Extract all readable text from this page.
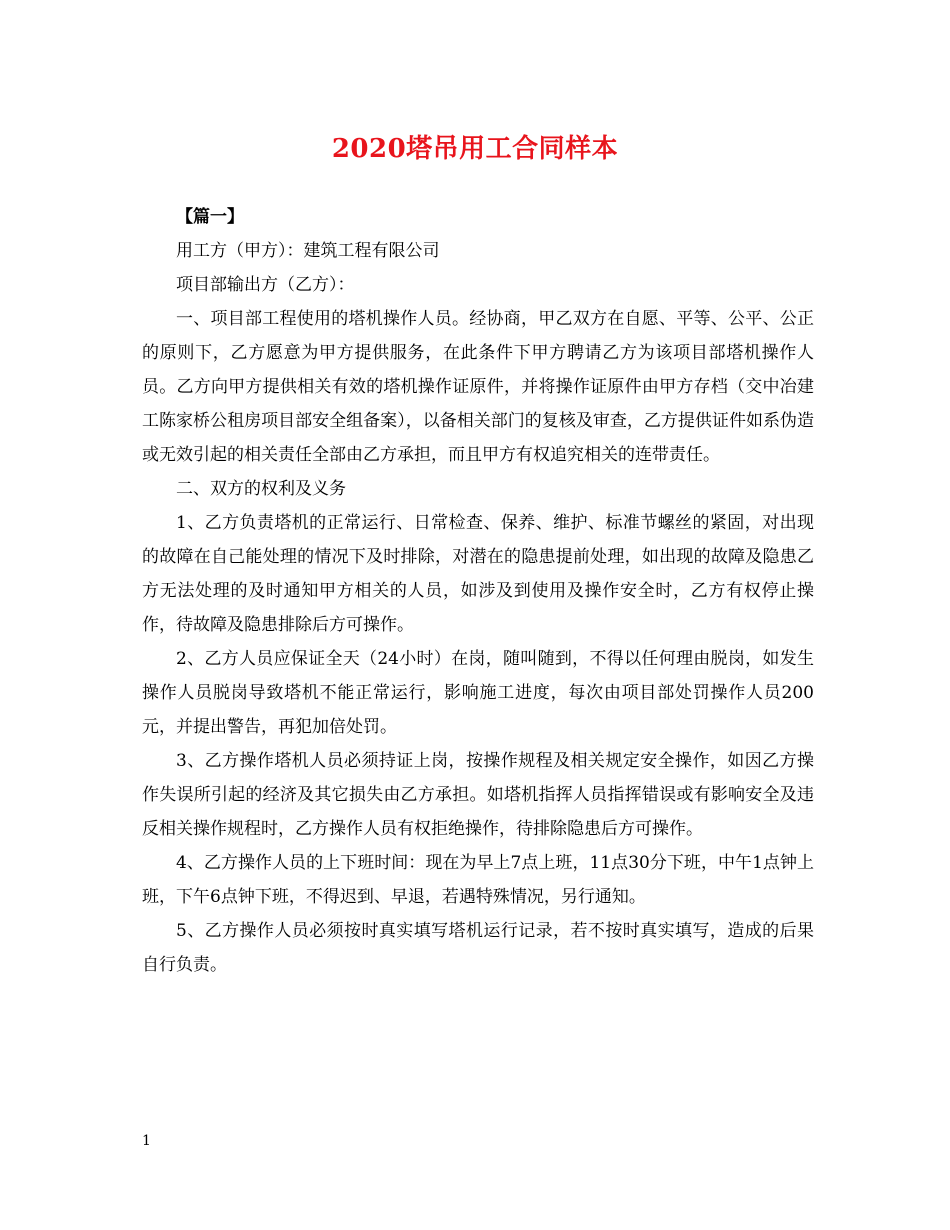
2020塔吊用工合同样本

【篇一】

用工方（甲方）：建筑工程有限公司

项目部输出方（乙方）：

一、项目部工程使用的塔机操作人员。经协商，甲乙双方在自愿、平等、公平、公正的原则下，乙方愿意为甲方提供服务，在此条件下甲方聘请乙方为该项目部塔机操作人员。乙方向甲方提供相关有效的塔机操作证原件，并将操作证原件由甲方存档（交中冶建工陈家桥公租房项目部安全组备案），以备相关部门的复核及审查，乙方提供证件如系伪造或无效引起的相关责任全部由乙方承担，而且甲方有权追究相关的连带责任。

二、双方的权利及义务

1、乙方负责塔机的正常运行、日常检查、保养、维护、标准节螺丝的紧固，对出现的故障在自己能处理的情况下及时排除，对潜在的隐患提前处理，如出现的故障及隐患乙方无法处理的及时通知甲方相关的人员，如涉及到使用及操作安全时，乙方有权停止操作，待故障及隐患排除后方可操作。

2、乙方人员应保证全天（24小时）在岗，随叫随到，不得以任何理由脱岗，如发生操作人员脱岗导致塔机不能正常运行，影响施工进度，每次由项目部处罚操作人员200元，并提出警告，再犯加倍处罚。

3、乙方操作塔机人员必须持证上岗，按操作规程及相关规定安全操作，如因乙方操作失误所引起的经济及其它损失由乙方承担。如塔机指挥人员指挥错误或有影响安全及违反相关操作规程时，乙方操作人员有权拒绝操作，待排除隐患后方可操作。

4、乙方操作人员的上下班时间：现在为早上7点上班，11点30分下班，中午1点钟上班，下午6点钟下班，不得迟到、早退，若遇特殊情况，另行通知。

5、乙方操作人员必须按时真实填写塔机运行记录，若不按时真实填写，造成的后果自行负责。

1
